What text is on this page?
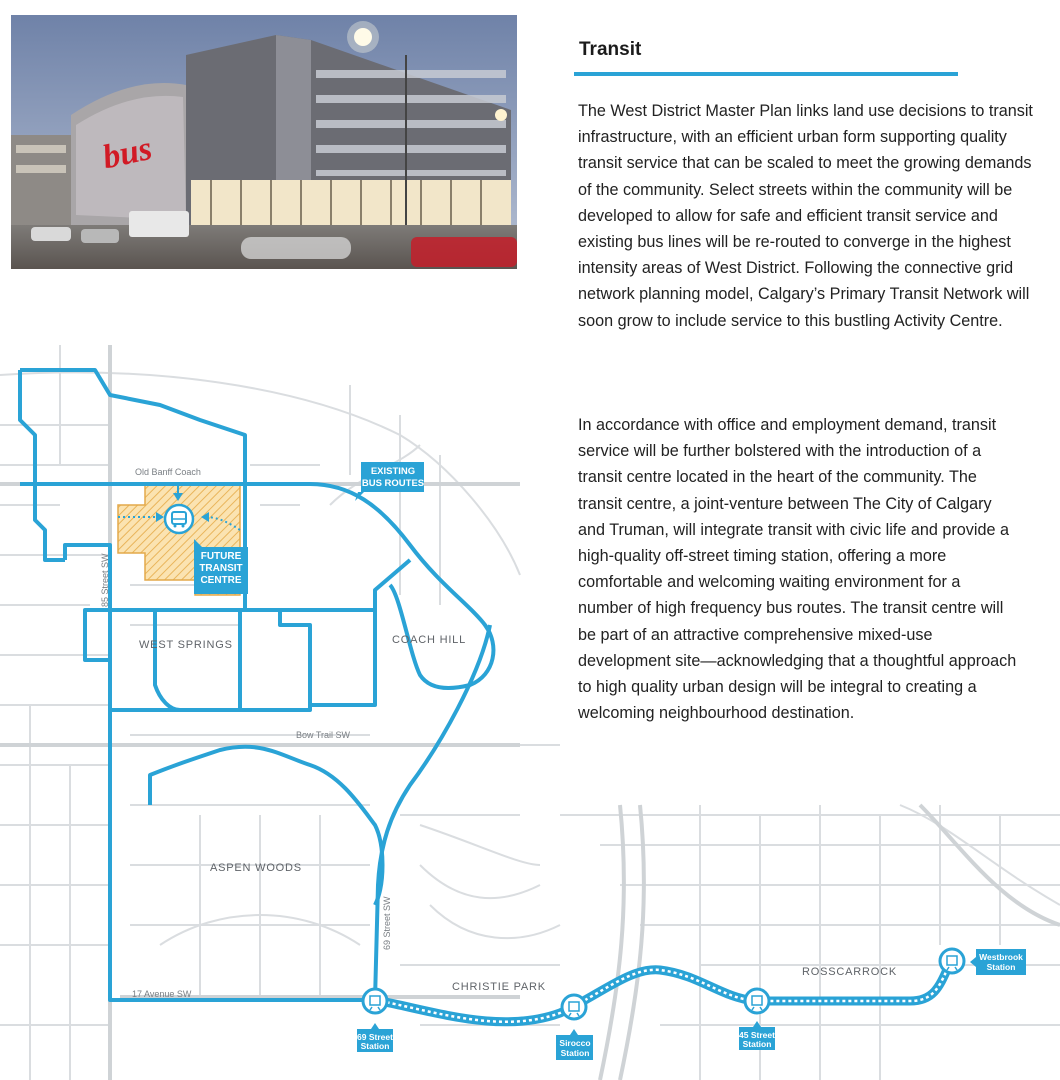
bus
Transit

The West District Master Plan links land use decisions to transit infrastructure, with an efficient urban form supporting quality transit service that can be scaled to meet the growing demands of the community. Select streets within the community will be developed to allow for safe and efficient transit service and existing bus lines will be re-routed to converge in the highest intensity areas of West District. Following the connective grid network planning model, Calgary’s Primary Transit Network will soon grow to include service to this bustling Activity Centre.

In accordance with office and employment demand, transit service will be further bolstered with the introduction of a transit centre located in the heart of the community. The transit centre, a joint-venture between The City of Calgary and Truman, will integrate transit with civic life and provide a high-quality off-street timing station, offering a more comfortable and welcoming waiting environment for a number of high frequency bus routes. The transit centre will be part of an attractive comprehensive mixed-use development site—acknowledging that a thoughtful approach to high quality urban design will be integral to creating a welcoming neighbourhood destination.

EXISTING
BUS ROUTES
FUTURE
TRANSIT
CENTRE
Old Banff Coach
85 Street SW
69 Street SW
Bow Trail SW
17 Avenue SW
WEST SPRINGS	COACH HILL
ASPEN WOODS
CHRISTIE PARK
ROSSCARROCK
69 Street
Station	Sirocco
Station
45 Street
Station
Westbrook
Station
